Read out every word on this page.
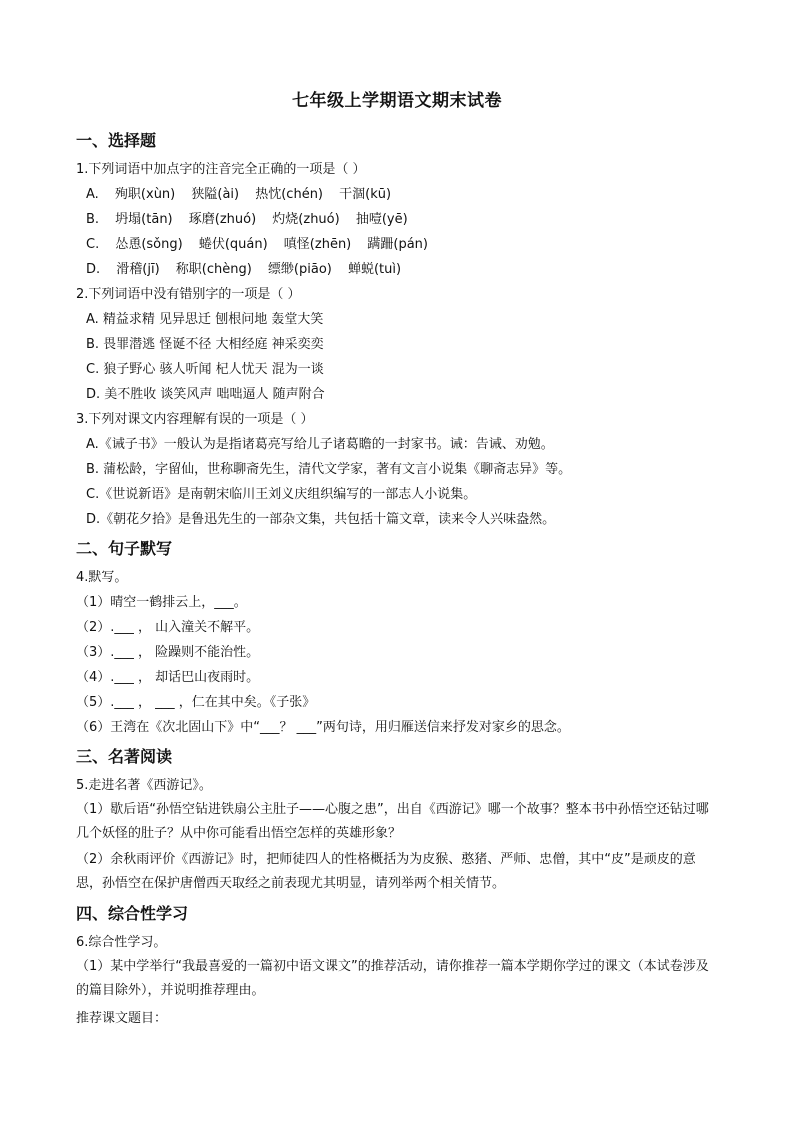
七年级上学期语文期末试卷
一、选择题
1.下列词语中加点字的注音完全正确的一项是（ ）
A. 殉职(xùn) 狭隘(ài) 热忱(chén) 干涸(kū)
B. 坍塌(tān) 琢磨(zhuó) 灼烧(zhuó) 抽噎(yē)
C. 怂恿(sǒng) 蜷伏(quán) 嗔怪(zhēn) 蹒跚(pán)
D. 滑稽(jī) 称职(chèng) 缥缈(piāo) 蝉蜕(tuì)
2.下列词语中没有错别字的一项是（ ）
A. 精益求精 见异思迁 刨根问地 轰堂大笑
B. 畏罪潜逃 怪诞不径 大相经庭 神采奕奕
C. 狼子野心 骇人听闻 杞人忧天 混为一谈
D. 美不胜收 谈笑风声 咄咄逼人 随声附合
3.下列对课文内容理解有误的一项是（ ）
A.《诫子书》一般认为是指诸葛亮写给儿子诸葛瞻的一封家书。诫：告诫、劝勉。
B. 蒲松龄，字留仙，世称聊斋先生，清代文学家，著有文言小说集《聊斋志异》等。
C.《世说新语》是南朝宋临川王刘义庆组织编写的一部志人小说集。
D.《朝花夕拾》是鲁迅先生的一部杂文集，共包括十篇文章，读来令人兴味盎然。
二、句子默写
4.默写。
（1）晴空一鹤排云上，___。
（2）.___ ， 山入潼关不解平。
（3）.___ ， 险躁则不能治性。
（4）.___ ， 却话巴山夜雨时。
（5）.___ ， ___ ，仁在其中矣。《子张》
（6）王湾在《次北固山下》中“___？ ___”两句诗，用归雁送信来抒发对家乡的思念。
三、名著阅读
5.走进名著《西游记》。
（1）歇后语“孙悟空钻进铁扇公主肚子——心腹之患”，出自《西游记》哪一个故事？整本书中孙悟空还钻过哪几个妖怪的肚子？从中你可能看出悟空怎样的英雄形象？
（2）余秋雨评价《西游记》时，把师徒四人的性格概括为为皮猴、憨猪、严师、忠僧，其中“皮”是顽皮的意思，孙悟空在保护唐僧西天取经之前表现尤其明显，请列举两个相关情节。
四、综合性学习
6.综合性学习。
（1）某中学举行“我最喜爱的一篇初中语文课文”的推荐活动，请你推荐一篇本学期你学过的课文（本试卷涉及的篇目除外），并说明推荐理由。
推荐课文题目：
